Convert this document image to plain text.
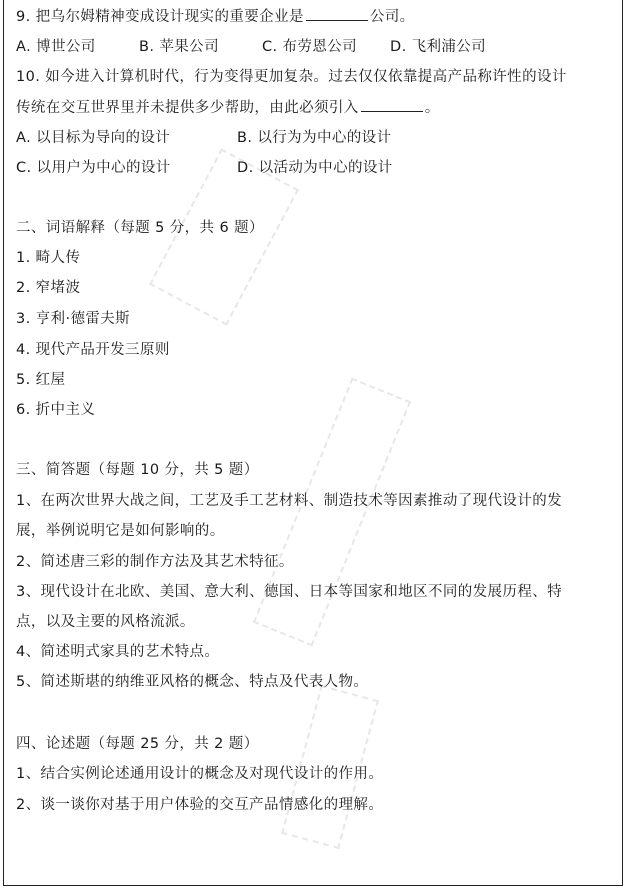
9. 把乌尔姆精神变成设计现实的重要企业是	公司。
A. 博世公司	B. 苹果公司	C. 布劳恩公司 D. 飞利浦公司
10. 如今进入计算机时代，行为变得更加复杂。过去仅仅依靠提高产品称许性的设计
传统在交互世界里并未提供多少帮助，由此必须引入	。
A. 以目标为导向的设计	B. 以行为为中心的设计
C. 以用户为中心的设计	D. 以活动为中心的设计
二、词语解释（每题 5 分，共 6 题）
1. 畸人传
2. 窄堵波
3. 亨利·德雷夫斯
4. 现代产品开发三原则
5. 红屋
6. 折中主义
三、简答题（每题 10 分，共 5 题）
1、在两次世界大战之间，工艺及手工艺材料、制造技术等因素推动了现代设计的发
展，举例说明它是如何影响的。
2、简述唐三彩的制作方法及其艺术特征。
3、现代设计在北欧、美国、意大利、德国、日本等国家和地区不同的发展历程、特
点，以及主要的风格流派。
4、简述明式家具的艺术特点。
5、简述斯堪的纳维亚风格的概念、特点及代表人物。
四、论述题（每题 25 分，共 2 题）
1、结合实例论述通用设计的概念及对现代设计的作用。
2、谈一谈你对基于用户体验的交互产品情感化的理解。
